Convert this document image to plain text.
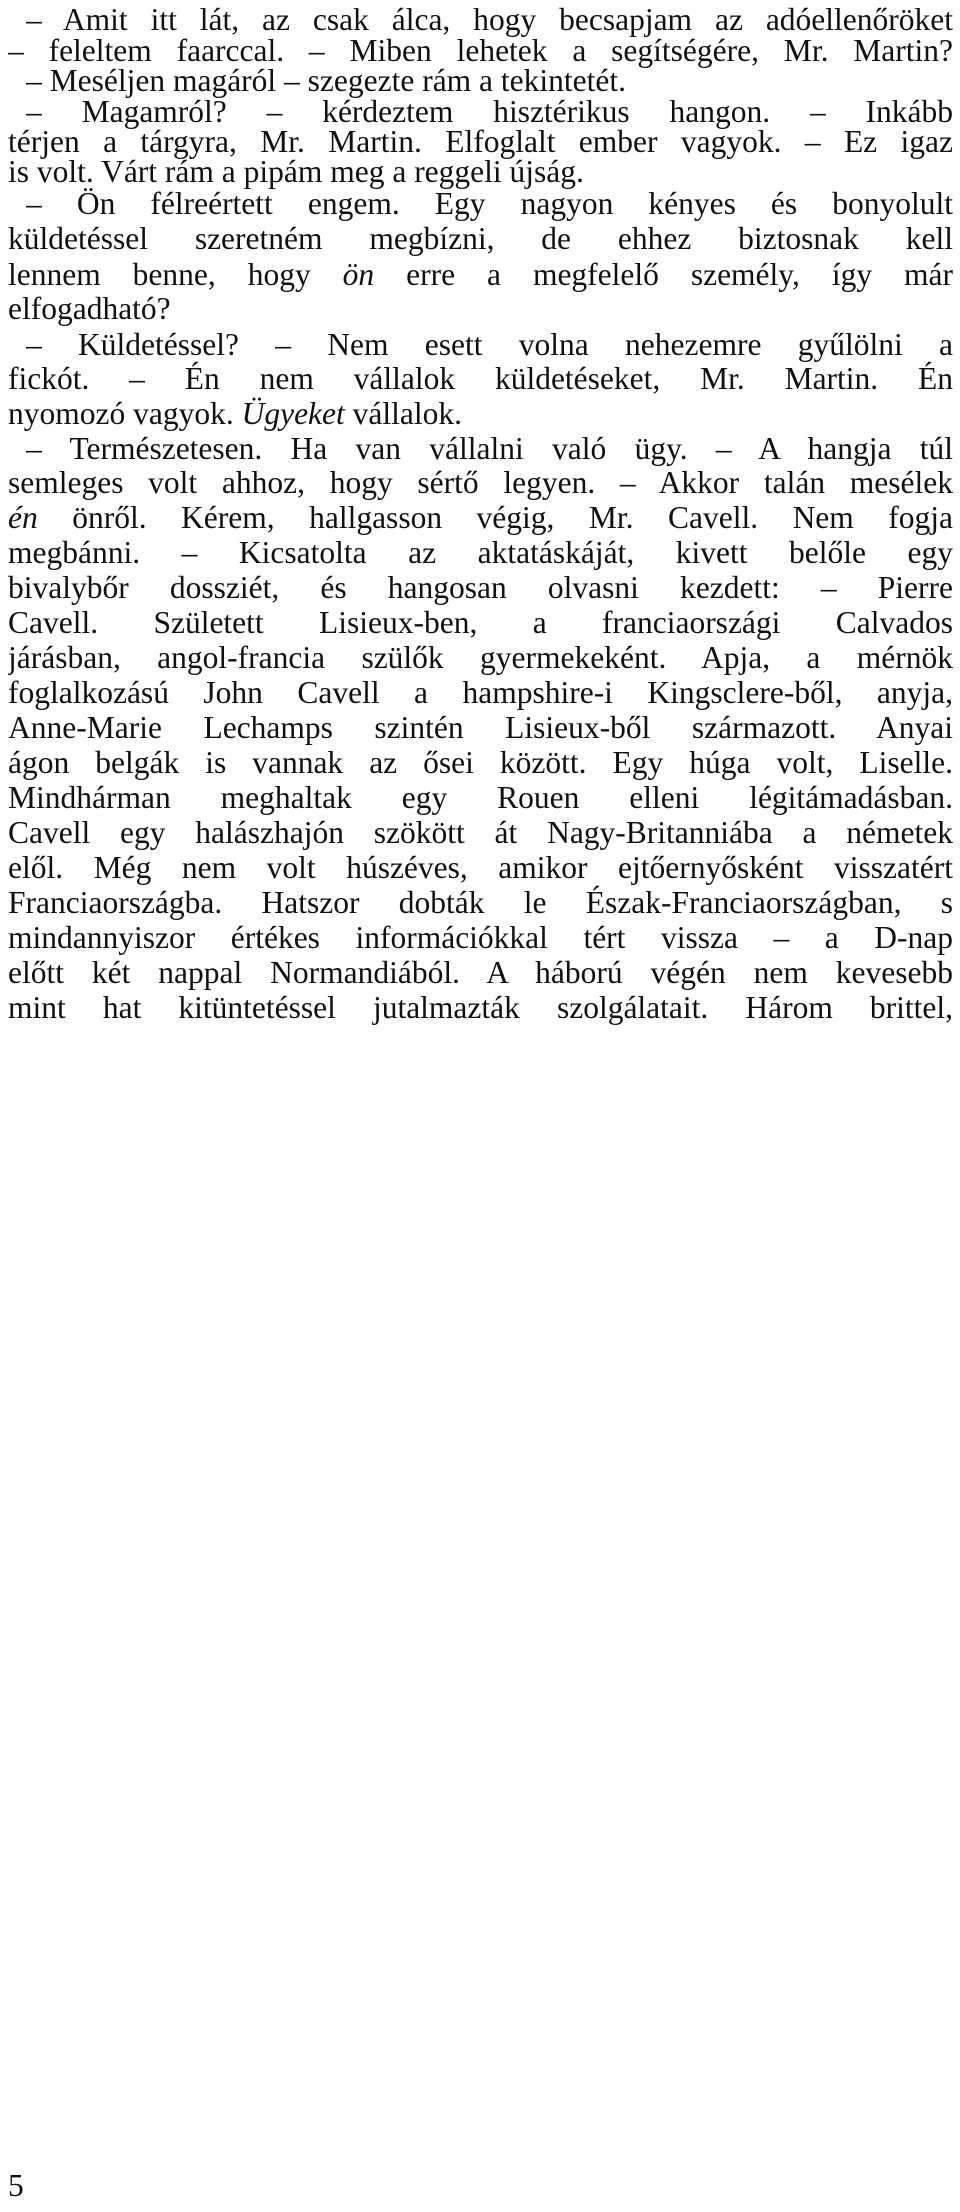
– Amit itt lát, az csak álca, hogy becsapjam az adóellenőröket
– feleltem faarccal. – Miben lehetek a segítségére, Mr. Martin?
– Meséljen magáról – szegezte rám a tekintetét.
– Magamról? – kérdeztem hisztérikus hangon. – Inkább
térjen a tárgyra, Mr. Martin. Elfoglalt ember vagyok. – Ez igaz
is volt. Várt rám a pipám meg a reggeli újság.
– Ön félreértett engem. Egy nagyon kényes és bonyolult
küldetéssel szeretném megbízni, de ehhez biztosnak kell
lennem benne, hogy ön erre a megfelelő személy, így már
elfogadható?
– Küldetéssel? – Nem esett volna nehezemre gyűlölni a
fickót. – Én nem vállalok küldetéseket, Mr. Martin. Én
nyomozó vagyok. Ügyeket vállalok.
– Természetesen. Ha van vállalni való ügy. – A hangja túl
semleges volt ahhoz, hogy sértő legyen. – Akkor talán mesélek
én önről. Kérem, hallgasson végig, Mr. Cavell. Nem fogja
megbánni. – Kicsatolta az aktatáskáját, kivett belőle egy
bivalybőr dossziét, és hangosan olvasni kezdett: – Pierre
Cavell. Született Lisieux-ben, a franciaországi Calvados
járásban, angol-francia szülők gyermekeként. Apja, a mérnök
foglalkozású John Cavell a hampshire-i Kingsclere-ből, anyja,
Anne-Marie Lechamps szintén Lisieux-ből származott. Anyai
ágon belgák is vannak az ősei között. Egy húga volt, Liselle.
Mindhárman meghaltak egy Rouen elleni légitámadásban.
Cavell egy halászhajón szökött át Nagy-Britanniába a németek
elől. Még nem volt húszéves, amikor ejtőernyősként visszatért
Franciaországba. Hatszor dobták le Észak-Franciaországban, s
mindannyiszor értékes információkkal tért vissza – a D-nap
előtt két nappal Normandiából. A háború végén nem kevesebb
mint hat kitüntetéssel jutalmazták szolgálatait. Három brittel,
5
